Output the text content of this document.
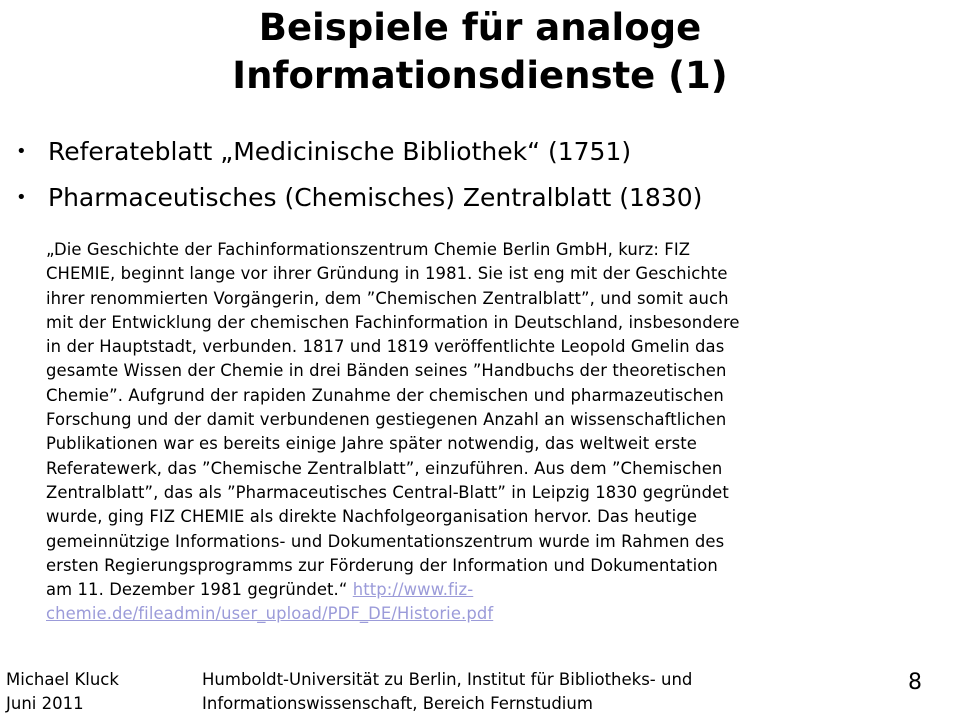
Beispiele für analoge
Informationsdienste (1)
• Referateblatt „Medicinische Bibliothek“ (1751)
• Pharmaceutisches (Chemisches) Zentralblatt (1830)

„Die Geschichte der Fachinformationszentrum Chemie Berlin GmbH, kurz: FIZ
CHEMIE, beginnt lange vor ihrer Gründung in 1981. Sie ist eng mit der Geschichte
ihrer renommierten Vorgängerin, dem ”Chemischen Zentralblatt”, und somit auch
mit der Entwicklung der chemischen Fachinformation in Deutschland, insbesondere
in der Hauptstadt, verbunden. 1817 und 1819 veröffentlichte Leopold Gmelin das
gesamte Wissen der Chemie in drei Bänden seines ”Handbuchs der theoretischen
Chemie”. Aufgrund der rapiden Zunahme der chemischen und pharmazeutischen
Forschung und der damit verbundenen gestiegenen Anzahl an wissenschaftlichen
Publikationen war es bereits einige Jahre später notwendig, das weltweit erste
Referatewerk, das ”Chemische Zentralblatt”, einzuführen. Aus dem ”Chemischen
Zentralblatt”, das als ”Pharmaceutisches Central-Blatt” in Leipzig 1830 gegründet
wurde, ging FIZ CHEMIE als direkte Nachfolgeorganisation hervor. Das heutige
gemeinnützige Informations- und Dokumentationszentrum wurde im Rahmen des
ersten Regierungsprogramms zur Förderung der Information und Dokumentation
am 11. Dezember 1981 gegründet.“ http://www.fiz-
chemie.de/fileadmin/user_upload/PDF_DE/Historie.pdf

Michael Kluck
Juni 2011
Humboldt-Universität zu Berlin, Institut für Bibliotheks- und
Informationswissenschaft, Bereich Fernstudium
8
